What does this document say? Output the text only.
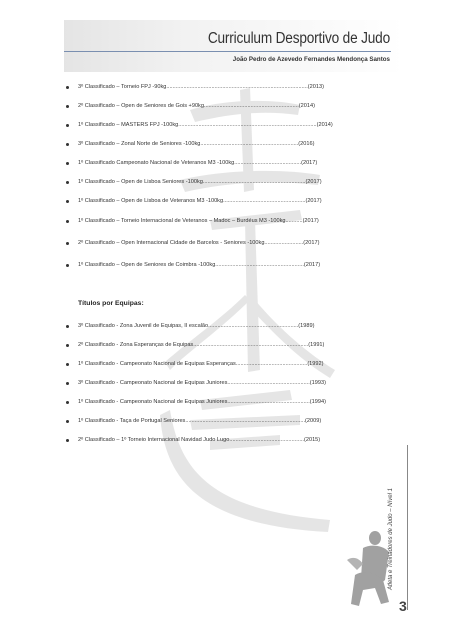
Curriculum Desportivo de Judo
João Pedro de Azevedo Fernandes Mendonça Santos
3º Classificado – Torneio FPJ -90kg...........................................................................................(2013)
2º Classificado – Open de Seniores de Gois +90kg.............................................................(2014)
1º Classificado – MASTERS FPJ -100kg.........................................................................................(2014)
3º Classificado – Zonal Norte de Seniores -100kg...............................................................(2016)
1º Classificado Campeonato Nacional de Veteranos M3 -100kg...........................................(2017)
1º Classificado – Open de Lisboa Seniores -100kg..................................................................(2017)
1º Classificado – Open de Lisboa de Veteranos M3 -100kg.....................................................(2017)
1º Classificado – Torneio Internacional de Veteranos – Madoc – Burdéus M3 -100kg...........(2017)
2º Classificado – Open Internacional Cidade de Barcelos - Seniores -100kg.........................(2017)
1º Classificado – Open de Seniores de Coimbra -100kg.........................................................(2017)
Títulos por Equipas:
3º Classificado - Zona Juvenil de Equipas, II escalão..........................................................(1989)
2º Classificado - Zona Esperanças de Equipas..........................................................................(1991)
1º Classificado - Campeonato Nacional de Equipas Esperanças..............................................(1992)
3º Classificado - Campeonato Nacional de Equipas Juniores.....................................................(1993)
1º Classificado - Campeonato Nacional de Equipas Juniores.....................................................(1994)
1º Classificado - Taça de Portugal Seniores.............................................................................(2009)
2º Classificado – 1º Torneio Internacional Navidad Judo Lugo................................................(2015)
Atleta e Treinadores de Judo – Nível 1
3
